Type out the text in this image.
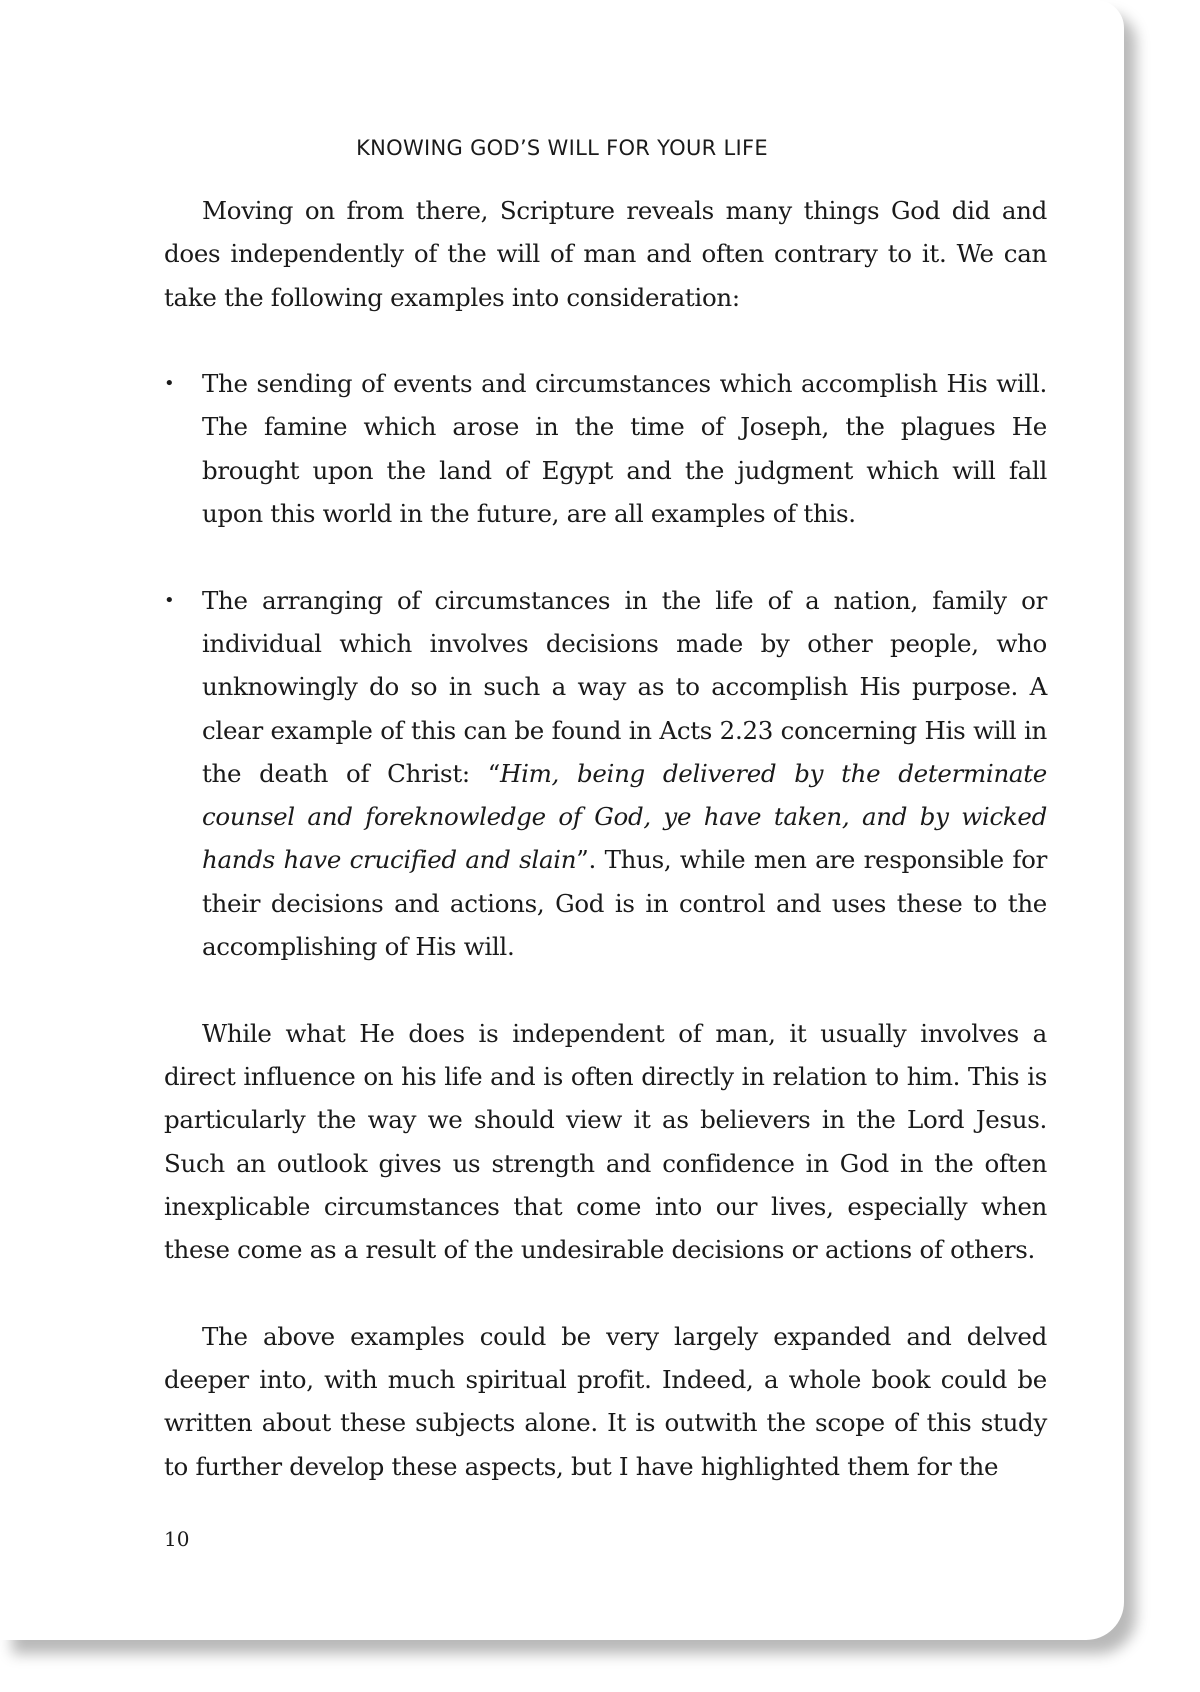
KNOWING GOD’S WILL FOR YOUR LIFE

Moving on from there, Scripture reveals many things God did and does independently of the will of man and often contrary to it. We can take the following examples into consideration:

• The sending of events and circumstances which accomplish His will. The famine which arose in the time of Joseph, the plagues He brought upon the land of Egypt and the judgment which will fall upon this world in the future, are all examples of this.
• The arranging of circumstances in the life of a nation, family or individual which involves decisions made by other people, who unknowingly do so in such a way as to accomplish His purpose. A clear example of this can be found in Acts 2.23 concerning His will in the death of Christ: “Him, being delivered by the determinate counsel and foreknowledge of God, ye have taken, and by wicked hands have crucified and slain”. Thus, while men are responsible for their decisions and actions, God is in control and uses these to the accomplishing of His will.

While what He does is independent of man, it usually involves a direct influence on his life and is often directly in relation to him. This is particularly the way we should view it as believers in the Lord Jesus. Such an outlook gives us strength and confidence in God in the often inexplicable circumstances that come into our lives, especially when these come as a result of the undesirable decisions or actions of others.

The above examples could be very largely expanded and delved deeper into, with much spiritual profit. Indeed, a whole book could be written about these subjects alone. It is outwith the scope of this study to further develop these aspects, but I have highlighted them for the

10
